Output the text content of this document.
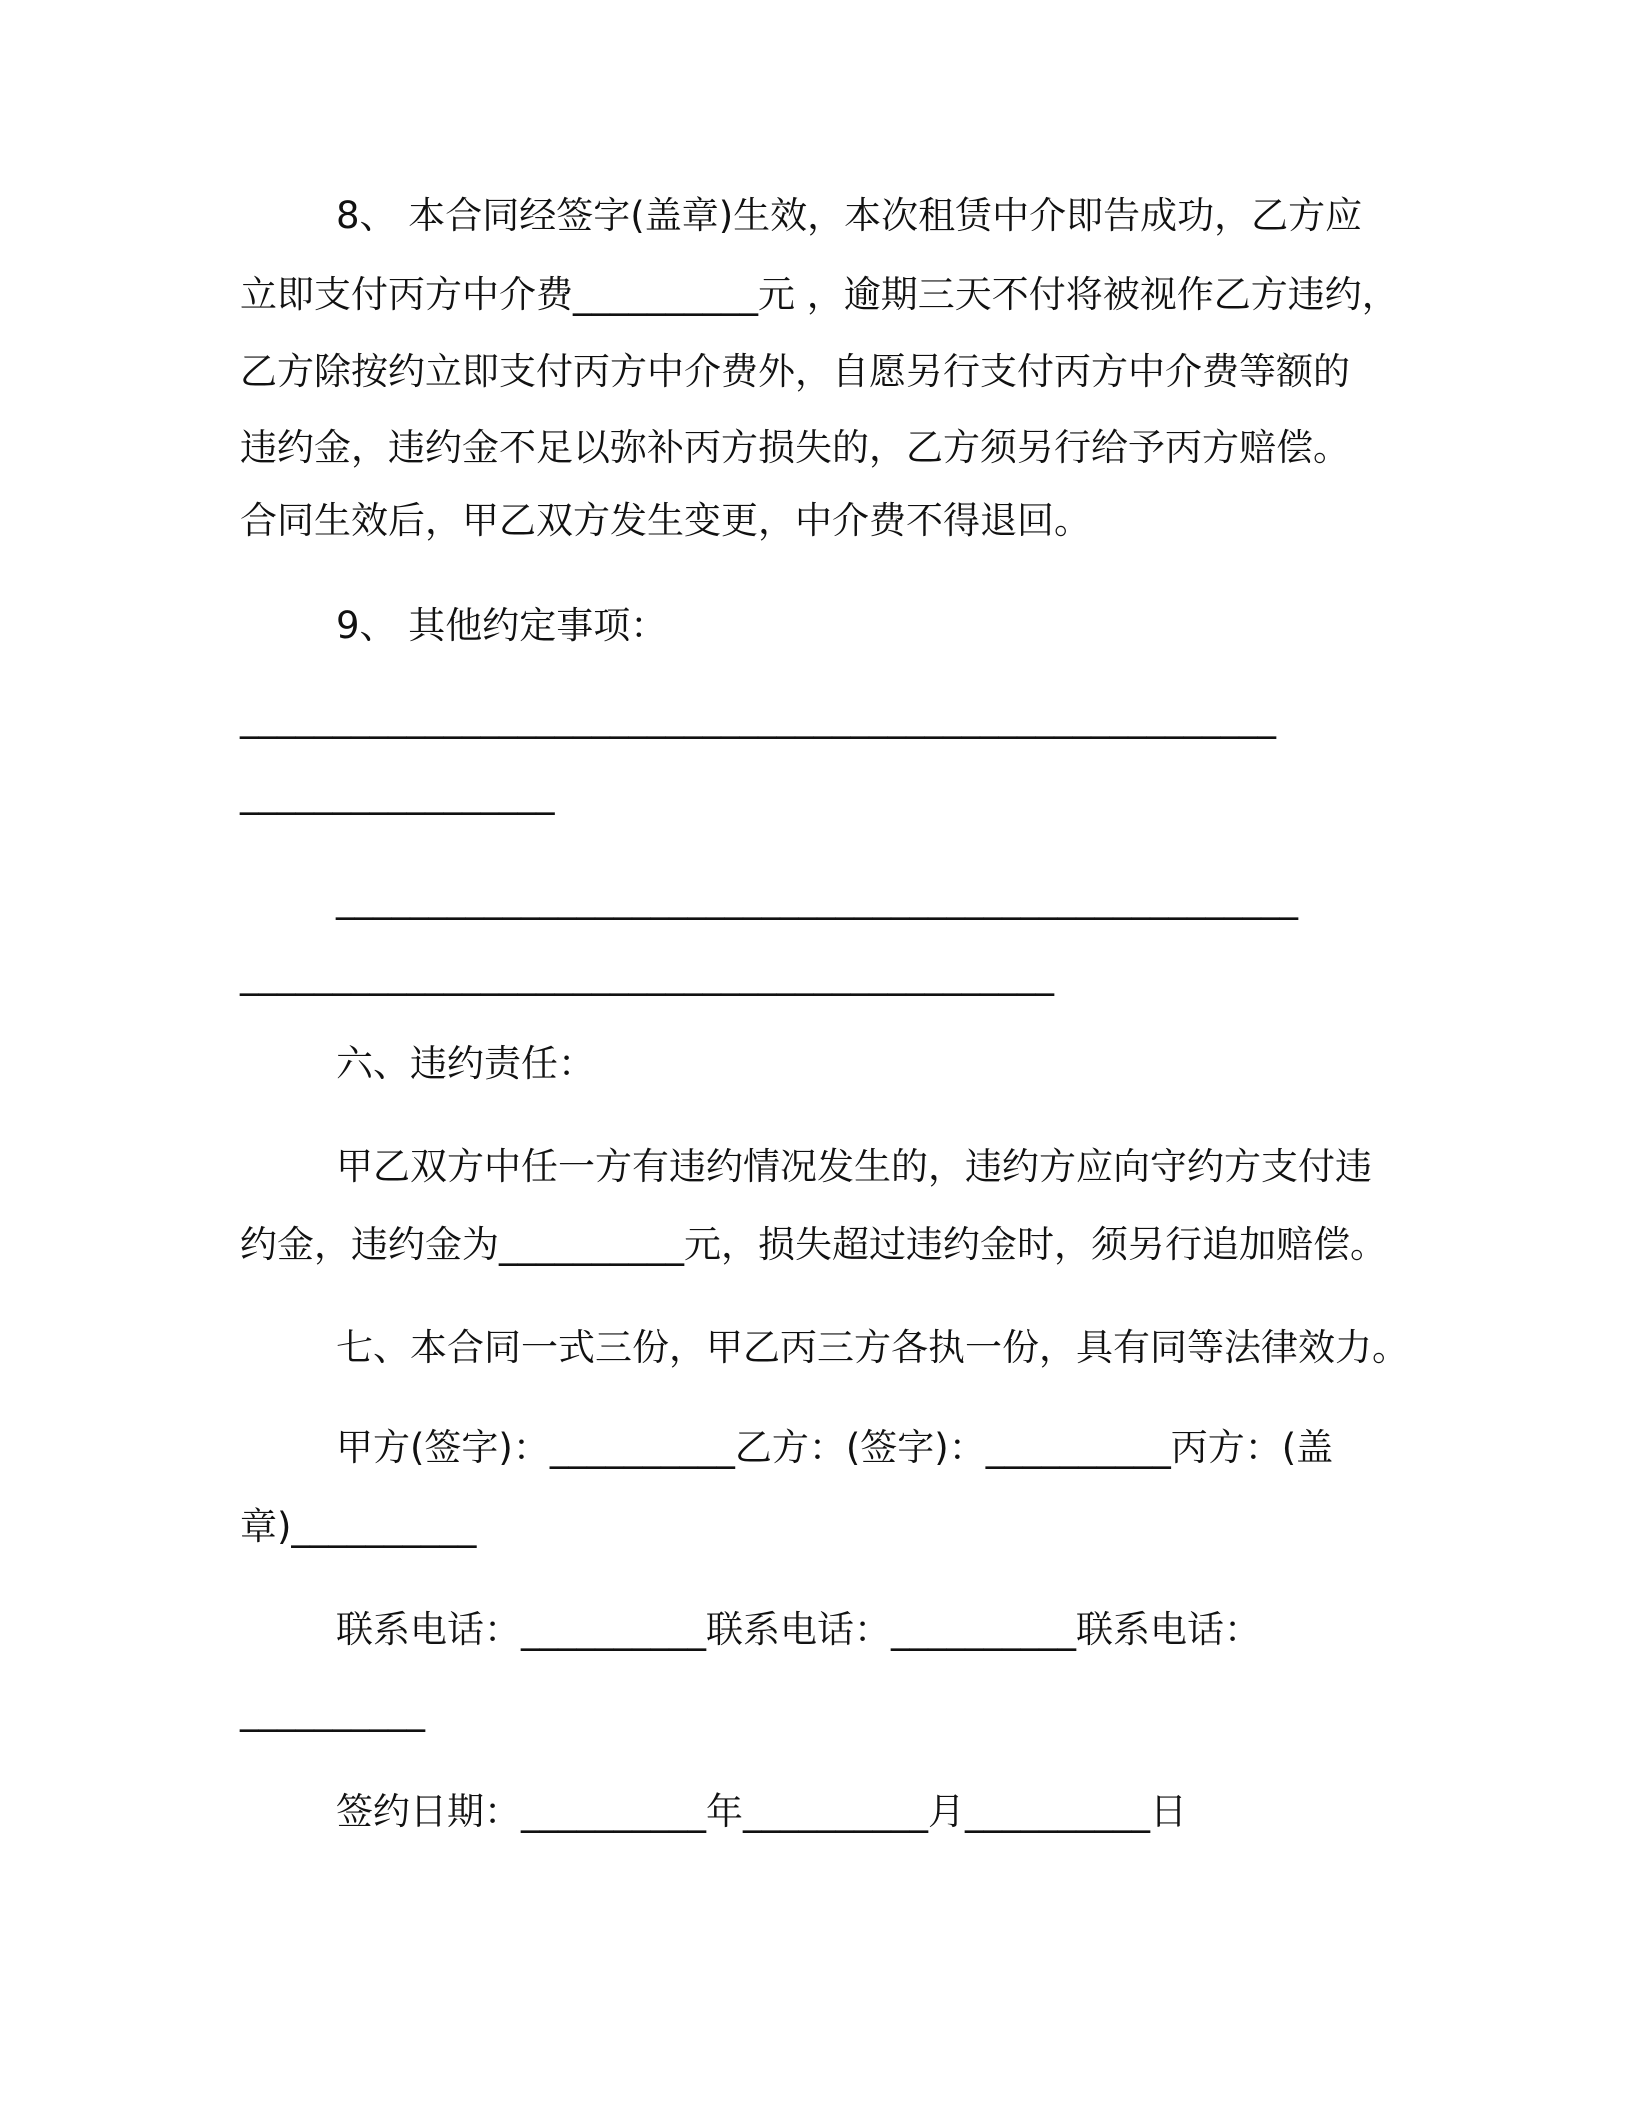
8、 本合同经签字(盖章)生效，本次租赁中介即告成功，乙方应
立即支付丙方中介费__________元 ，逾期三天不付将被视作乙方违约，
乙方除按约立即支付丙方中介费外，自愿另行支付丙方中介费等额的
违约金，违约金不足以弥补丙方损失的，乙方须另行给予丙方赔偿。
合同生效后，甲乙双方发生变更，中介费不得退回。
9、 其他约定事项：
________________________________________________________
_________________
____________________________________________________
____________________________________________
六、违约责任：
甲乙双方中任一方有违约情况发生的，违约方应向守约方支付违
约金，违约金为__________元，损失超过违约金时，须另行追加赔偿。
七、本合同一式三份，甲乙丙三方各执一份，具有同等法律效力。
甲方(签字)：__________乙方：(签字)：__________丙方：(盖
章)__________
联系电话：__________联系电话：__________联系电话：
__________
签约日期：__________年__________月__________日
